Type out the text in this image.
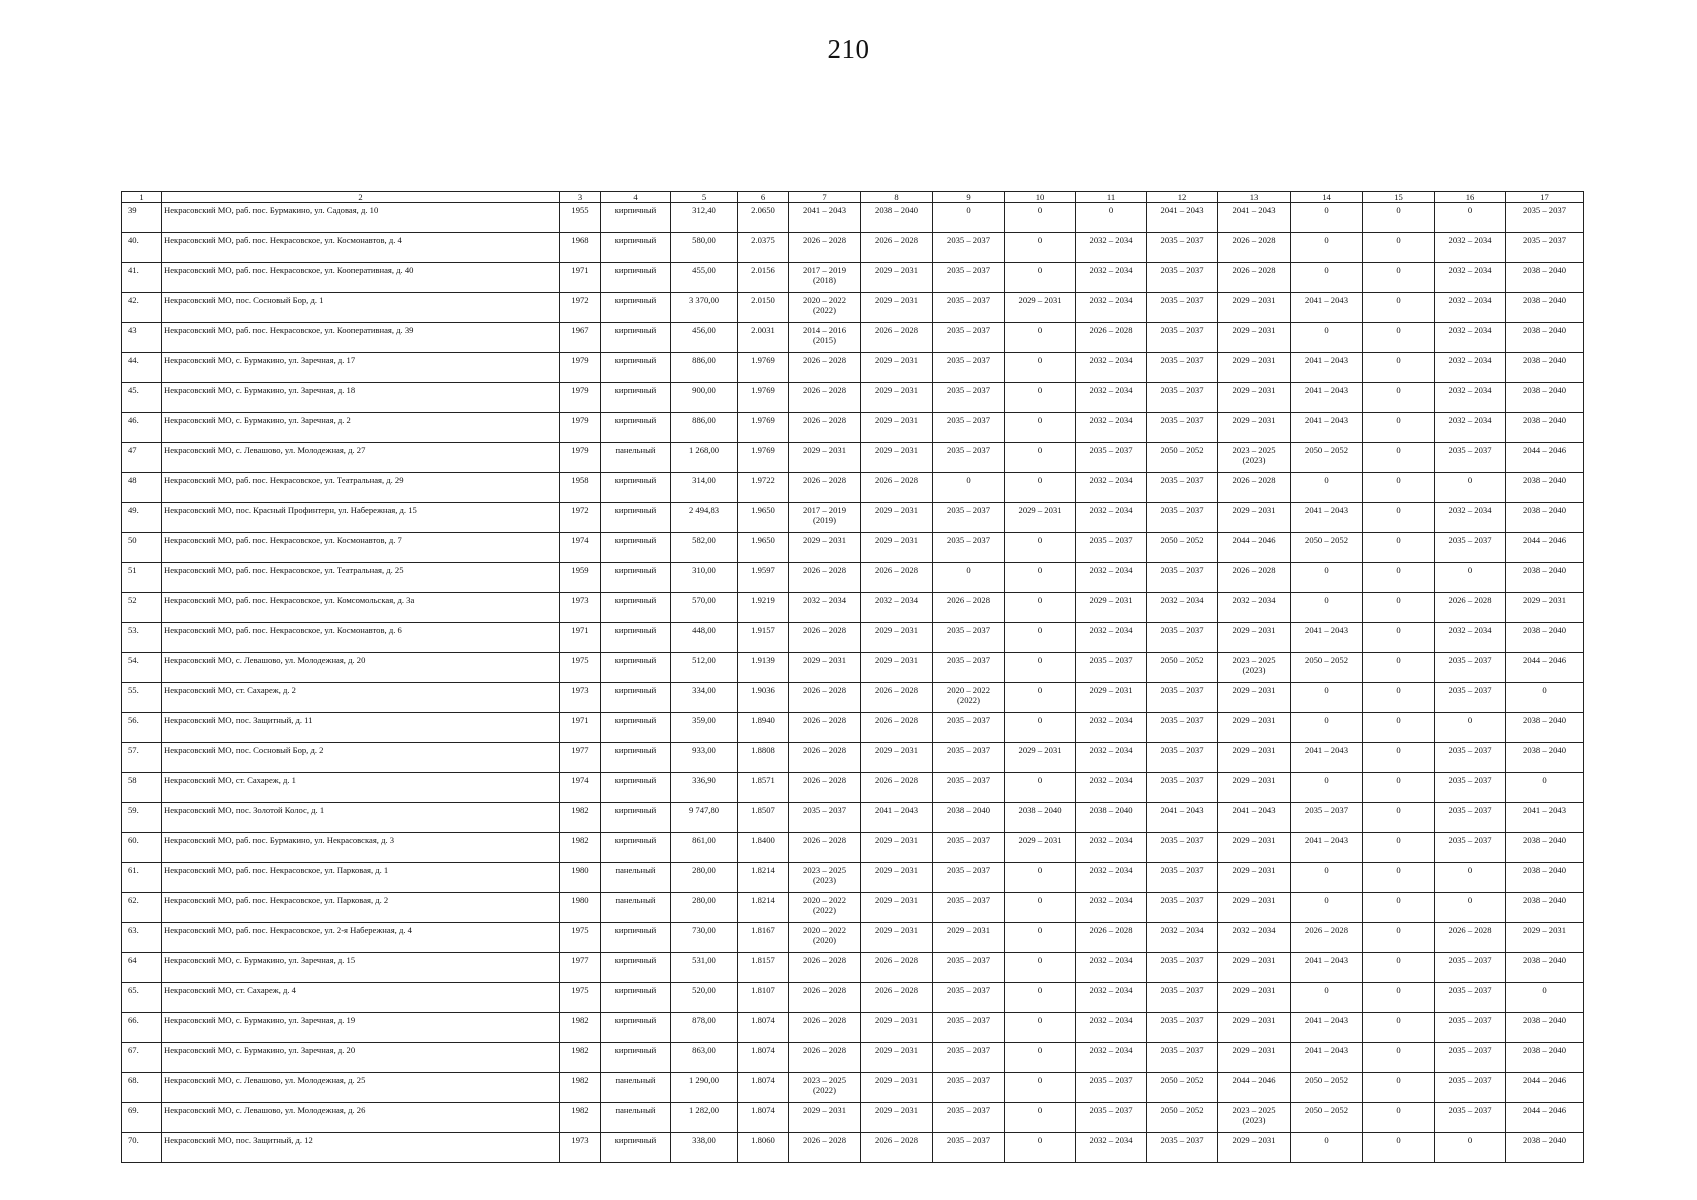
210
1	2	3	4	5	6	7	8	9	10	11	12	13	14	15	16	17
39	Некрасовский МО, раб. пос. Бурмакино, ул. Садовая, д. 10	1955	кирпичный	312,40	2.0650	2041 – 2043	2038 – 2040	0	0	0	2041 – 2043	2041 – 2043	0	0	0	2035 – 2037
40.	Некрасовский МО, раб. пос. Некрасовское, ул. Космонавтов, д. 4	1968	кирпичный	580,00	2.0375	2026 – 2028	2026 – 2028	2035 – 2037	0	2032 – 2034	2035 – 2037	2026 – 2028	0	0	2032 – 2034	2035 – 2037
41.	Некрасовский МО, раб. пос. Некрасовское, ул. Кооперативная, д. 40	1971	кирпичный	455,00	2.0156	2017 – 2019 (2018)	2029 – 2031	2035 – 2037	0	2032 – 2034	2035 – 2037	2026 – 2028	0	0	2032 – 2034	2038 – 2040
42.	Некрасовский МО, пос. Сосновый Бор, д. 1	1972	кирпичный	3 370,00	2.0150	2020 – 2022 (2022)	2029 – 2031	2035 – 2037	2029 – 2031	2032 – 2034	2035 – 2037	2029 – 2031	2041 – 2043	0	2032 – 2034	2038 – 2040
43	Некрасовский МО, раб. пос. Некрасовское, ул. Кооперативная, д. 39	1967	кирпичный	456,00	2.0031	2014 – 2016 (2015)	2026 – 2028	2035 – 2037	0	2026 – 2028	2035 – 2037	2029 – 2031	0	0	2032 – 2034	2038 – 2040
44.	Некрасовский МО, с. Бурмакино, ул. Заречная, д. 17	1979	кирпичный	886,00	1.9769	2026 – 2028	2029 – 2031	2035 – 2037	0	2032 – 2034	2035 – 2037	2029 – 2031	2041 – 2043	0	2032 – 2034	2038 – 2040
45.	Некрасовский МО, с. Бурмакино, ул. Заречная, д. 18	1979	кирпичный	900,00	1.9769	2026 – 2028	2029 – 2031	2035 – 2037	0	2032 – 2034	2035 – 2037	2029 – 2031	2041 – 2043	0	2032 – 2034	2038 – 2040
46.	Некрасовский МО, с. Бурмакино, ул. Заречная, д. 2	1979	кирпичный	886,00	1.9769	2026 – 2028	2029 – 2031	2035 – 2037	0	2032 – 2034	2035 – 2037	2029 – 2031	2041 – 2043	0	2032 – 2034	2038 – 2040
47	Некрасовский МО, с. Левашово, ул. Молодежная, д. 27	1979	панельный	1 268,00	1.9769	2029 – 2031	2029 – 2031	2035 – 2037	0	2035 – 2037	2050 – 2052	2023 – 2025 (2023)	2050 – 2052	0	2035 – 2037	2044 – 2046
48	Некрасовский МО, раб. пос. Некрасовское, ул. Театральная, д. 29	1958	кирпичный	314,00	1.9722	2026 – 2028	2026 – 2028	0	0	2032 – 2034	2035 – 2037	2026 – 2028	0	0	0	2038 – 2040
49.	Некрасовский МО, пос. Красный Профинтерн, ул. Набережная, д. 15	1972	кирпичный	2 494,83	1.9650	2017 – 2019 (2019)	2029 – 2031	2035 – 2037	2029 – 2031	2032 – 2034	2035 – 2037	2029 – 2031	2041 – 2043	0	2032 – 2034	2038 – 2040
50	Некрасовский МО, раб. пос. Некрасовское, ул. Космонавтов, д. 7	1974	кирпичный	582,00	1.9650	2029 – 2031	2029 – 2031	2035 – 2037	0	2035 – 2037	2050 – 2052	2044 – 2046	2050 – 2052	0	2035 – 2037	2044 – 2046
51	Некрасовский МО, раб. пос. Некрасовское, ул. Театральная, д. 25	1959	кирпичный	310,00	1.9597	2026 – 2028	2026 – 2028	0	0	2032 – 2034	2035 – 2037	2026 – 2028	0	0	0	2038 – 2040
52	Некрасовский МО, раб. пос. Некрасовское, ул. Комсомольская, д. 3а	1973	кирпичный	570,00	1.9219	2032 – 2034	2032 – 2034	2026 – 2028	0	2029 – 2031	2032 – 2034	2032 – 2034	0	0	2026 – 2028	2029 – 2031
53.	Некрасовский МО, раб. пос. Некрасовское, ул. Космонавтов, д. 6	1971	кирпичный	448,00	1.9157	2026 – 2028	2029 – 2031	2035 – 2037	0	2032 – 2034	2035 – 2037	2029 – 2031	2041 – 2043	0	2032 – 2034	2038 – 2040
54.	Некрасовский МО, с. Левашово, ул. Молодежная, д. 20	1975	кирпичный	512,00	1.9139	2029 – 2031	2029 – 2031	2035 – 2037	0	2035 – 2037	2050 – 2052	2023 – 2025 (2023)	2050 – 2052	0	2035 – 2037	2044 – 2046
55.	Некрасовский МО, ст. Сахареж, д. 2	1973	кирпичный	334,00	1.9036	2026 – 2028	2026 – 2028	2020 – 2022 (2022)	0	2029 – 2031	2035 – 2037	2029 – 2031	0	0	2035 – 2037	0
56.	Некрасовский МО, пос. Защитный, д. 11	1971	кирпичный	359,00	1.8940	2026 – 2028	2026 – 2028	2035 – 2037	0	2032 – 2034	2035 – 2037	2029 – 2031	0	0	0	2038 – 2040
57.	Некрасовский МО, пос. Сосновый Бор, д. 2	1977	кирпичный	933,00	1.8808	2026 – 2028	2029 – 2031	2035 – 2037	2029 – 2031	2032 – 2034	2035 – 2037	2029 – 2031	2041 – 2043	0	2035 – 2037	2038 – 2040
58	Некрасовский МО, ст. Сахареж, д. 1	1974	кирпичный	336,90	1.8571	2026 – 2028	2026 – 2028	2035 – 2037	0	2032 – 2034	2035 – 2037	2029 – 2031	0	0	2035 – 2037	0
59.	Некрасовский МО, пос. Золотой Колос, д. 1	1982	кирпичный	9 747,80	1.8507	2035 – 2037	2041 – 2043	2038 – 2040	2038 – 2040	2038 – 2040	2041 – 2043	2041 – 2043	2035 – 2037	0	2035 – 2037	2041 – 2043
60.	Некрасовский МО, раб. пос. Бурмакино, ул. Некрасовская, д. 3	1982	кирпичный	861,00	1.8400	2026 – 2028	2029 – 2031	2035 – 2037	2029 – 2031	2032 – 2034	2035 – 2037	2029 – 2031	2041 – 2043	0	2035 – 2037	2038 – 2040
61.	Некрасовский МО, раб. пос. Некрасовское, ул. Парковая, д. 1	1980	панельный	280,00	1.8214	2023 – 2025 (2023)	2029 – 2031	2035 – 2037	0	2032 – 2034	2035 – 2037	2029 – 2031	0	0	0	2038 – 2040
62.	Некрасовский МО, раб. пос. Некрасовское, ул. Парковая, д. 2	1980	панельный	280,00	1.8214	2020 – 2022 (2022)	2029 – 2031	2035 – 2037	0	2032 – 2034	2035 – 2037	2029 – 2031	0	0	0	2038 – 2040
63.	Некрасовский МО, раб. пос. Некрасовское, ул. 2-я Набережная, д. 4	1975	кирпичный	730,00	1.8167	2020 – 2022 (2020)	2029 – 2031	2029 – 2031	0	2026 – 2028	2032 – 2034	2032 – 2034	2026 – 2028	0	2026 – 2028	2029 – 2031
64	Некрасовский МО, с. Бурмакино, ул. Заречная, д. 15	1977	кирпичный	531,00	1.8157	2026 – 2028	2026 – 2028	2035 – 2037	0	2032 – 2034	2035 – 2037	2029 – 2031	2041 – 2043	0	2035 – 2037	2038 – 2040
65.	Некрасовский МО, ст. Сахареж, д. 4	1975	кирпичный	520,00	1.8107	2026 – 2028	2026 – 2028	2035 – 2037	0	2032 – 2034	2035 – 2037	2029 – 2031	0	0	2035 – 2037	0
66.	Некрасовский МО, с. Бурмакино, ул. Заречная, д. 19	1982	кирпичный	878,00	1.8074	2026 – 2028	2029 – 2031	2035 – 2037	0	2032 – 2034	2035 – 2037	2029 – 2031	2041 – 2043	0	2035 – 2037	2038 – 2040
67.	Некрасовский МО, с. Бурмакино, ул. Заречная, д. 20	1982	кирпичный	863,00	1.8074	2026 – 2028	2029 – 2031	2035 – 2037	0	2032 – 2034	2035 – 2037	2029 – 2031	2041 – 2043	0	2035 – 2037	2038 – 2040
68.	Некрасовский МО, с. Левашово, ул. Молодежная, д. 25	1982	панельный	1 290,00	1.8074	2023 – 2025 (2022)	2029 – 2031	2035 – 2037	0	2035 – 2037	2050 – 2052	2044 – 2046	2050 – 2052	0	2035 – 2037	2044 – 2046
69.	Некрасовский МО, с. Левашово, ул. Молодежная, д. 26	1982	панельный	1 282,00	1.8074	2029 – 2031	2029 – 2031	2035 – 2037	0	2035 – 2037	2050 – 2052	2023 – 2025 (2023)	2050 – 2052	0	2035 – 2037	2044 – 2046
70.	Некрасовский МО, пос. Защитный, д. 12	1973	кирпичный	338,00	1.8060	2026 – 2028	2026 – 2028	2035 – 2037	0	2032 – 2034	2035 – 2037	2029 – 2031	0	0	0	2038 – 2040
